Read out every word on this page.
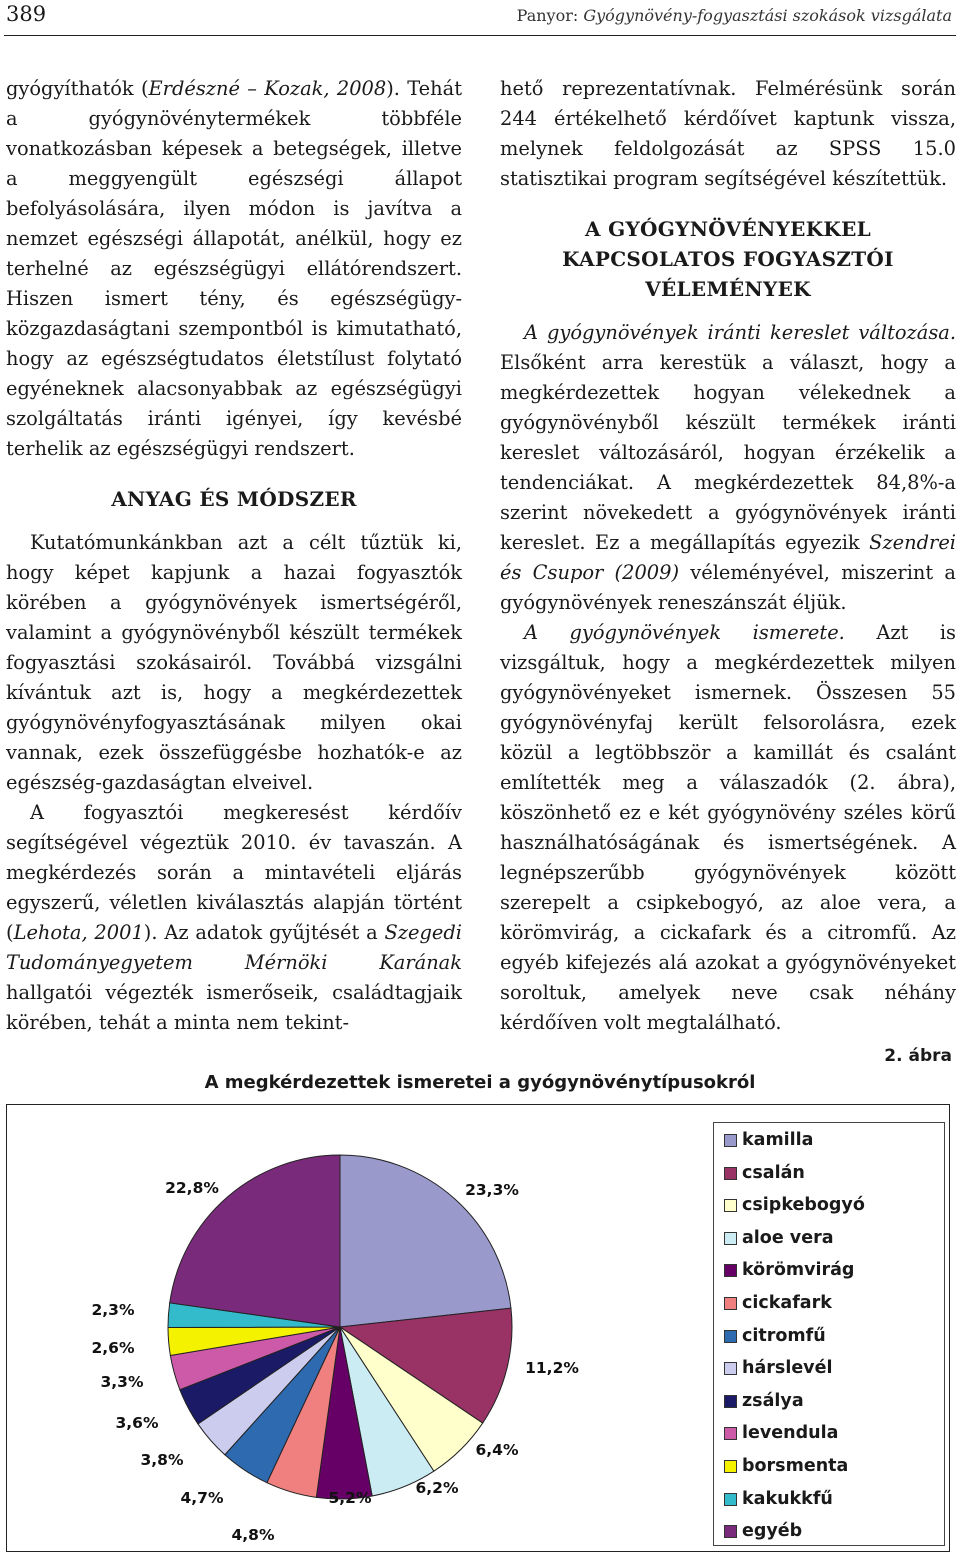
389	Panyor: Gyógynövény-fogyasztási szokások vizsgálata

gyógyíthatók (Erdészné – Kozak, 2008). Tehát a gyógynövénytermékek többféle vonatkozásban képesek a betegségek, illetve a meggyengült egészségi állapot befolyásolására, ilyen módon is javítva a nemzet egészségi állapotát, anélkül, hogy ez terhelné az egészségügyi ellátórendszert. Hiszen ismert tény, és egészségügy-közgazdaságtani szempontból is kimutatható, hogy az egészségtudatos életstílust folytató egyéneknek alacsonyabbak az egészségügyi szolgáltatás iránti igényei, így kevésbé terhelik az egészségügyi rendszert.

ANYAG ÉS MÓDSZER

Kutatómunkánkban azt a célt tűztük ki, hogy képet kapjunk a hazai fogyasztók körében a gyógynövények ismertségéről, valamint a gyógynövényből készült termékek fogyasztási szokásairól. Továbbá vizsgálni kívántuk azt is, hogy a megkérdezettek gyógynövényfogyasztásának milyen okai vannak, ezek összefüggésbe hozhatók-e az egészség-gazdaságtan elveivel.

A fogyasztói megkeresést kérdőív segítségével végeztük 2010. év tavaszán. A megkérdezés során a mintavételi eljárás egyszerű, véletlen kiválasztás alapján történt (Lehota, 2001). Az adatok gyűjtését a Szegedi Tudományegyetem Mérnöki Karának hallgatói végezték ismerőseik, családtagjaik körében, tehát a minta nem tekint-

hető reprezentatívnak. Felmérésünk során 244 értékelhető kérdőívet kaptunk vissza, melynek feldolgozását az SPSS 15.0 statisztikai program segítségével készítettük.

A GYÓGYNÖVÉNYEKKEL KAPCSOLATOS FOGYASZTÓI VÉLEMÉNYEK

A gyógynövények iránti kereslet változása. Elsőként arra kerestük a választ, hogy a megkérdezettek hogyan vélekednek a gyógynövényből készült termékek iránti kereslet változásáról, hogyan érzékelik a tendenciákat. A megkérdezettek 84,8%-a szerint növekedett a gyógynövények iránti kereslet. Ez a megállapítás egyezik Szendrei és Csupor (2009) véleményével, miszerint a gyógynövények reneszánszát éljük.

A gyógynövények ismerete. Azt is vizsgáltuk, hogy a megkérdezettek milyen gyógynövényeket ismernek. Összesen 55 gyógynövényfaj került felsorolásra, ezek közül a legtöbbször a kamillát és csalánt említették meg a válaszadók (2. ábra), köszönhető ez e két gyógynövény széles körű használhatóságának és ismertségének. A legnépszerűbb gyógynövények között szerepelt a csipkebogyó, az aloe vera, a körömvirág, a cickafark és a citromfű. Az egyéb kifejezés alá azokat a gyógynövényeket soroltuk, amelyek neve csak néhány kérdőíven volt megtalálható.

2. ábra
A megkérdezettek ismeretei a gyógynövénytípusokról
23,3%
11,2%
6,4%
6,2%
5,2%
4,8%
4,7%
3,8%
3,6%
3,3%
2,6%
2,3%
22,8%
kamilla
csalán
csipkebogyó
aloe vera
körömvirág
cickafark
citromfű
hárslevél
zsálya
levendula
borsmenta
kakukkfű
egyéb
